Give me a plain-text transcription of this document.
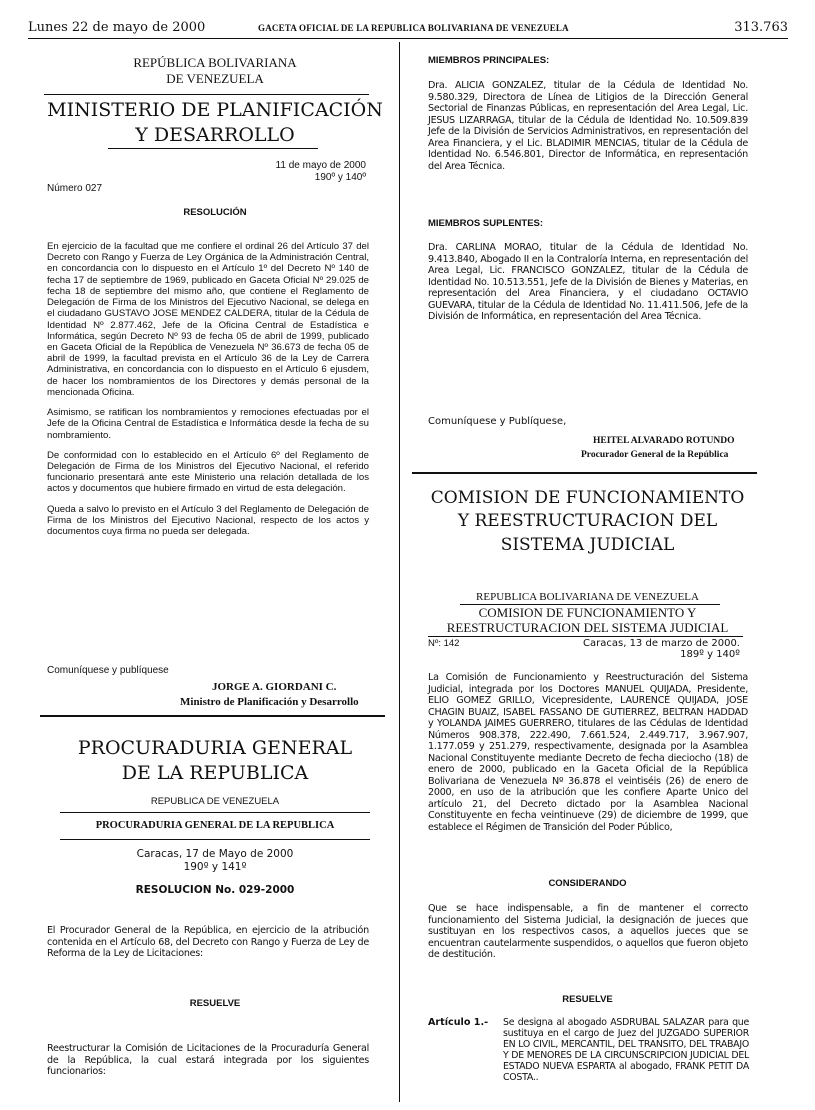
Lunes 22 de mayo de 2000	GACETA OFICIAL DE LA REPUBLICA BOLIVARIANA DE VENEZUELA	313.763
REPÚBLICA BOLIVARIANA
DE VENEZUELA
MINISTERIO DE PLANIFICACIÓN
Y DESARROLLO
11 de mayo de 2000
190º y 140º
Número 027
RESOLUCIÓN

En ejercicio de la facultad que me confiere el ordinal 26 del Artículo 37 del Decreto con Rango y Fuerza de Ley Orgánica de la Administración Central, en concordancia con lo dispuesto en el Artículo 1º del Decreto Nº 140 de fecha 17 de septiembre de 1969, publicado en Gaceta Oficial Nº 29.025 de fecha 18 de septiembre del mismo año, que contiene el Reglamento de Delegación de Firma de los Ministros del Ejecutivo Nacional, se delega en el ciudadano GUSTAVO JOSE MENDEZ CALDERA, titular de la Cédula de Identidad Nº 2.877.462, Jefe de la Oficina Central de Estadística e Informática, según Decreto Nº 93 de fecha 05 de abril de 1999, publicado en Gaceta Oficial de la República de Venezuela Nº 36.673 de fecha 05 de abril de 1999, la facultad prevista en el Artículo 36 de la Ley de Carrera Administrativa, en concordancia con lo dispuesto en el Artículo 6 ejusdem, de hacer los nombramientos de los Directores y demás personal de la mencionada Oficina.

Asimismo, se ratifican los nombramientos y remociones efectuadas por el Jefe de la Oficina Central de Estadística e Informática desde la fecha de su nombramiento.

De conformidad con lo establecido en el Artículo 6º del Reglamento de Delegación de Firma de los Ministros del Ejecutivo Nacional, el referido funcionario presentará ante este Ministerio una relación detallada de los actos y documentos que hubiere firmado en virtud de esta delegación.

Queda a salvo lo previsto en el Artículo 3 del Reglamento de Delegación de Firma de los Ministros del Ejecutivo Nacional, respecto de los actos y documentos cuya firma no pueda ser delegada.

Comuníquese y publíquese
JORGE A. GIORDANI C.
Ministro de Planificación y Desarrollo
PROCURADURIA GENERAL
DE LA REPUBLICA
REPUBLICA DE VENEZUELA
PROCURADURIA GENERAL DE LA REPUBLICA
Caracas, 17 de Mayo de 2000
190º y 141º
RESOLUCION No. 029-2000

El Procurador General de la República, en ejercicio de la atribución contenida en el Artículo 68, del Decreto con Rango y Fuerza de Ley de Reforma de la Ley de Licitaciones:

RESUELVE

Reestructurar la Comisión de Licitaciones de la Procuraduría General de la República, la cual estará integrada por los siguientes funcionarios:

MIEMBROS PRINCIPALES:

Dra. ALICIA GONZALEZ, titular de la Cédula de Identidad No. 9.580.329, Directora de Línea de Litigios de la Dirección General Sectorial de Finanzas Públicas, en representación del Area Legal, Lic. JESUS LIZARRAGA, titular de la Cédula de Identidad No. 10.509.839 Jefe de la División de Servicios Administrativos, en representación del Area Financiera, y el Lic. BLADIMIR MENCIAS, titular de la Cédula de Identidad No. 6.546.801, Director de Informática, en representación del Area Técnica.

MIEMBROS SUPLENTES:

Dra. CARLINA MORAO, titular de la Cédula de Identidad No. 9.413.840, Abogado II en la Contraloría Interna, en representación del Area Legal, Lic. FRANCISCO GONZALEZ, titular de la Cédula de Identidad No. 10.513.551, Jefe de la División de Bienes y Materias, en representación del Area Financiera, y el ciudadano OCTAVIO GUEVARA, titular de la Cédula de Identidad No. 11.411.506, Jefe de la División de Informática, en representación del Area Técnica.

Comuníquese y Publíquese,
HEITEL ALVARADO ROTUNDO
Procurador General de la República
COMISION DE FUNCIONAMIENTO
Y REESTRUCTURACION DEL
SISTEMA JUDICIAL
REPUBLICA BOLIVARIANA DE VENEZUELA
COMISION DE FUNCIONAMIENTO Y
REESTRUCTURACION DEL SISTEMA JUDICIAL
Nº: 142	Caracas, 13 de marzo de 2000.
189º y 140º

La Comisión de Funcionamiento y Reestructuración del Sistema Judicial, integrada por los Doctores MANUEL QUIJADA, Presidente, ELIO GOMEZ GRILLO, Vicepresidente, LAURENCE QUIJADA, JOSE CHAGIN BUAIZ, ISABEL FASSANO DE GUTIERREZ, BELTRAN HADDAD y YOLANDA JAIMES GUERRERO, titulares de las Cédulas de Identidad Números 908.378, 222.490, 7.661.524, 2.449.717, 3.967.907, 1.177.059 y 251.279, respectivamente, designada por la Asamblea Nacional Constituyente mediante Decreto de fecha dieciocho (18) de enero de 2000, publicado en la Gaceta Oficial de la República Bolivariana de Venezuela Nº 36.878 el veintiséis (26) de enero de 2000, en uso de la atribución que les confiere Aparte Unico del artículo 21, del Decreto dictado por la Asamblea Nacional Constituyente en fecha veintinueve (29) de diciembre de 1999, que establece el Régimen de Transición del Poder Público,

CONSIDERANDO

Que se hace indispensable, a fin de mantener el correcto funcionamiento del Sistema Judicial, la designación de jueces que sustituyan en los respectivos casos, a aquellos jueces que se encuentran cautelarmente suspendidos, o aquellos que fueron objeto de destitución.

RESUELVE
Artículo 1.-	Se designa al abogado ASDRUBAL SALAZAR para que sustituya en el cargo de Juez del JUZGADO SUPERIOR EN LO CIVIL, MERCANTIL, DEL TRANSITO, DEL TRABAJO Y DE MENORES DE LA CIRCUNSCRIPCION JUDICIAL DEL ESTADO NUEVA ESPARTA al abogado, FRANK PETIT DA COSTA..
